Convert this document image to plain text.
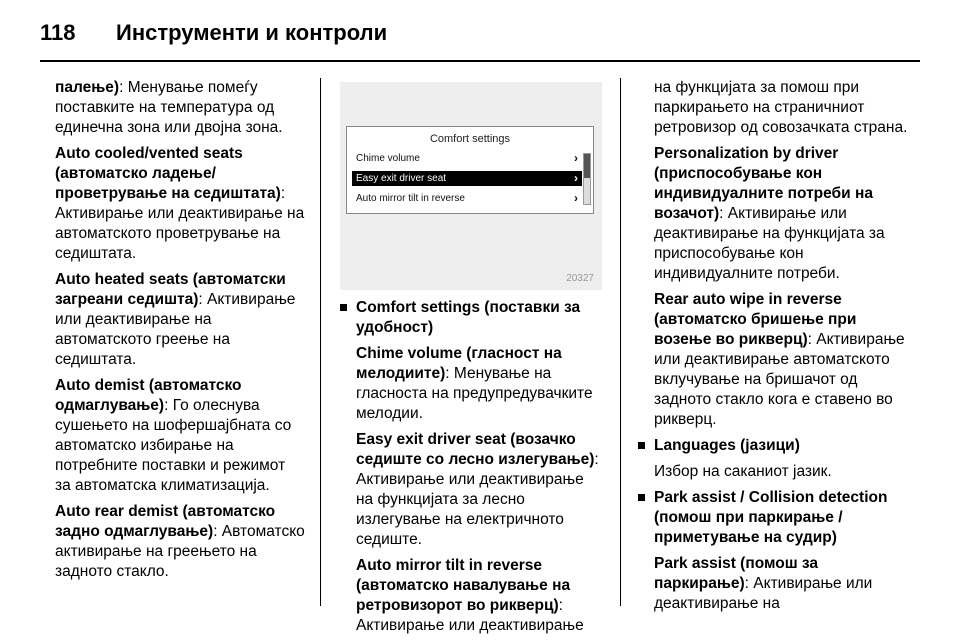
118 Инструменти и контроли

палење): Менување помеѓу поставките на температура од единечна зона или двојна зона.

Auto cooled/vented seats (автоматско ладење/ проветрување на седиштата): Активирање или деактивирање на автоматското проветрување на седиштата.

Auto heated seats (автоматски загреани седишта): Активирање или деактивирање на автоматското греење на седиштата.

Auto demist (автоматско одмаглување): Го олеснува сушењето на шофершајбната со автоматско избирање на потребните поставки и режимот за автоматска климатизација.

Auto rear demist (автоматско задно одмаглување): Автоматско активирање на греењето на задното стакло.

Comfort settings
Chime volume	›
Easy exit driver seat	›
Auto mirror tilt in reverse	›
20327

Comfort settings (поставки за удобност)

Chime volume (гласност на мелодиите): Менување на гласноста на предупредувачките мелодии.

Easy exit driver seat (возачко седиште со лесно излегување): Активирање или деактивирање на функцијата за лесно излегување на електричното седиште.

Auto mirror tilt in reverse (автоматско навалување на ретровизорот во рикверц): Активирање или деактивирање

на функцијата за помош при паркирањето на страничниот ретровизор од совозачката страна.

Personalization by driver (приспособување кон индивидуалните потреби на возачот): Активирање или деактивирање на функцијата за приспособување кон индивидуалните потреби.

Rear auto wipe in reverse (автоматско бришење при возење во рикверц): Активирање или деактивирање автоматското вклучување на бришачот од задното стакло кога е ставено во рикверц.

Languages (јазици)

Избор на саканиот јазик.

Park assist / Collision detection (помош при паркирање / приметување на судир)

Park assist (помош за паркирање): Активирање или деактивирање на
